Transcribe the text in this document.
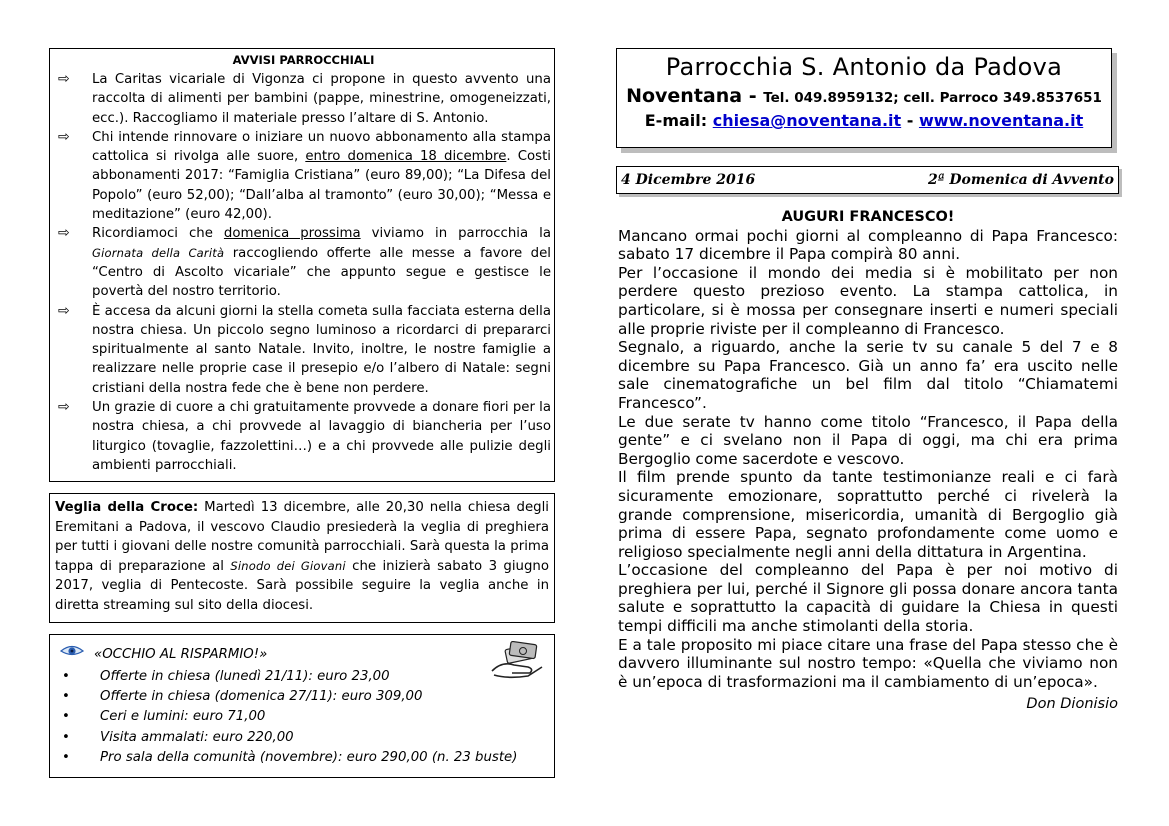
AVVISI PARROCCHIALI
⇨ La Caritas vicariale di Vigonza ci propone in questo avvento una raccolta di alimenti per bambini (pappe, minestrine, omogeneizzati, ecc.). Raccogliamo il materiale presso l’altare di S. Antonio.
⇨ Chi intende rinnovare o iniziare un nuovo abbonamento alla stampa cattolica si rivolga alle suore, entro domenica 18 dicembre. Costi abbonamenti 2017: “Famiglia Cristiana” (euro 89,00); “La Difesa del Popolo” (euro 52,00); “Dall’alba al tramonto” (euro 30,00); “Messa e meditazione” (euro 42,00).
⇨ Ricordiamoci che domenica prossima viviamo in parrocchia la Giornata della Carità raccogliendo offerte alle messe a favore del “Centro di Ascolto vicariale” che appunto segue e gestisce le povertà del nostro territorio.
⇨ È accesa da alcuni giorni la stella cometa sulla facciata esterna della nostra chiesa. Un piccolo segno luminoso a ricordarci di prepararci spiritualmente al santo Natale. Invito, inoltre, le nostre famiglie a realizzare nelle proprie case il presepio e/o l’albero di Natale: segni cristiani della nostra fede che è bene non perdere.
⇨ Un grazie di cuore a chi gratuitamente provvede a donare fiori per la nostra chiesa, a chi provvede al lavaggio di biancheria per l’uso liturgico (tovaglie, fazzolettini…) e a chi provvede alle pulizie degli ambienti parrocchiali.
Veglia della Croce: Martedì 13 dicembre, alle 20,30 nella chiesa degli Eremitani a Padova, il vescovo Claudio presiederà la veglia di preghiera per tutti i giovani delle nostre comunità parrocchiali. Sarà questa la prima tappa di preparazione al Sinodo dei Giovani che inizierà sabato 3 giugno 2017, veglia di Pentecoste. Sarà possibile seguire la veglia anche in diretta streaming sul sito della diocesi.
«OCCHIO AL RISPARMIO!»
• Offerte in chiesa (lunedì 21/11): euro 23,00
• Offerte in chiesa (domenica 27/11): euro 309,00
• Ceri e lumini: euro 71,00
• Visita ammalati: euro 220,00
• Pro sala della comunità (novembre): euro 290,00 (n. 23 buste)
Parrocchia S. Antonio da Padova
Noventana - Tel. 049.8959132; cell. Parroco 349.8537651
E-mail: chiesa@noventana.it - www.noventana.it
4 Dicembre 2016	2ª Domenica di Avvento
AUGURI FRANCESCO!
Mancano ormai pochi giorni al compleanno di Papa Francesco: sabato 17 dicembre il Papa compirà 80 anni.
Per l’occasione il mondo dei media si è mobilitato per non perdere questo prezioso evento. La stampa cattolica, in particolare, si è mossa per consegnare inserti e numeri speciali alle proprie riviste per il compleanno di Francesco.
Segnalo, a riguardo, anche la serie tv su canale 5 del 7 e 8 dicembre su Papa Francesco. Già un anno fa’ era uscito nelle sale cinematografiche un bel film dal titolo “Chiamatemi Francesco”.
Le due serate tv hanno come titolo “Francesco, il Papa della gente” e ci svelano non il Papa di oggi, ma chi era prima Bergoglio come sacerdote e vescovo.
Il film prende spunto da tante testimonianze reali e ci farà sicuramente emozionare, soprattutto perché ci rivelerà la grande comprensione, misericordia, umanità di Bergoglio già prima di essere Papa, segnato profondamente come uomo e religioso specialmente negli anni della dittatura in Argentina.
L’occasione del compleanno del Papa è per noi motivo di preghiera per lui, perché il Signore gli possa donare ancora tanta salute e soprattutto la capacità di guidare la Chiesa in questi tempi difficili ma anche stimolanti della storia.
E a tale proposito mi piace citare una frase del Papa stesso che è davvero illuminante sul nostro tempo: «Quella che viviamo non è un’epoca di trasformazioni ma il cambiamento di un’epoca».
Don Dionisio
